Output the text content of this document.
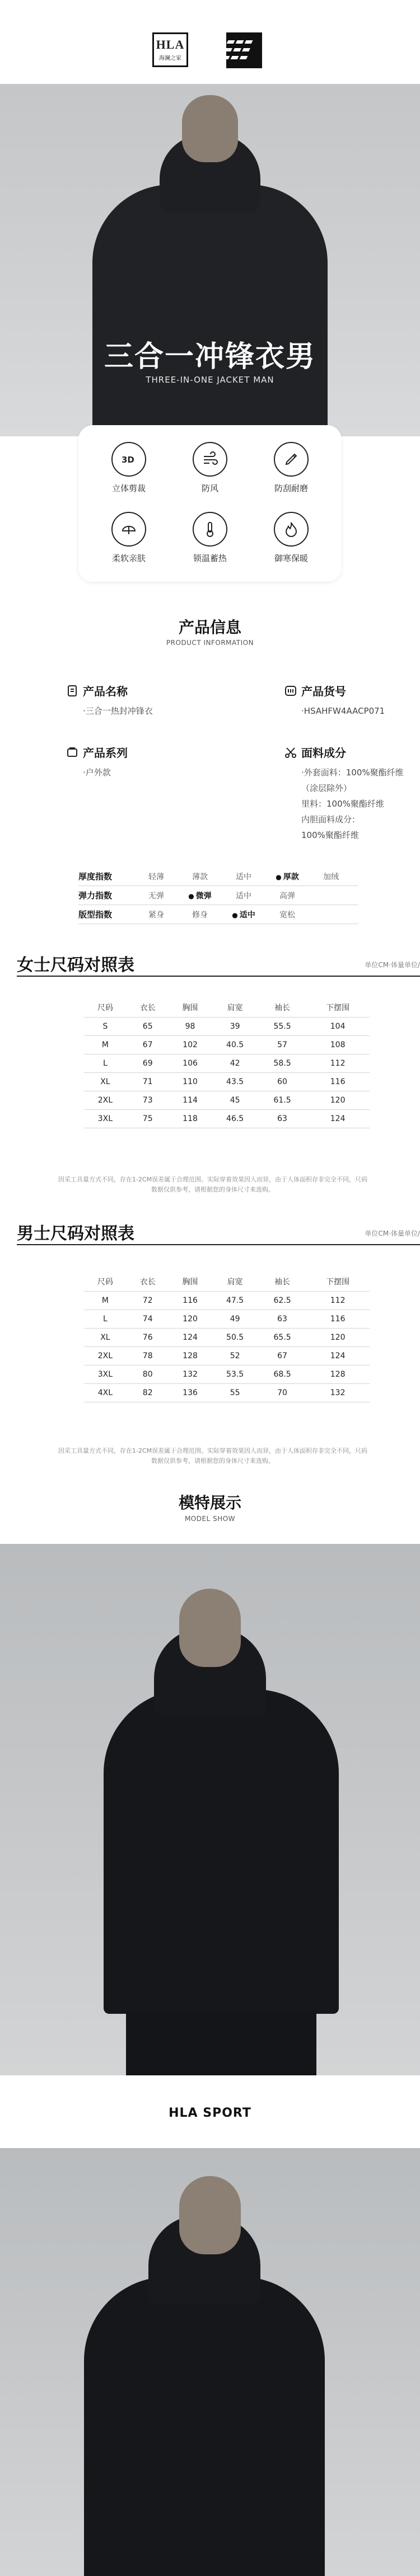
HLA
海澜之家
三合一冲锋衣男
THREE-IN-ONE JACKET MAN
3D
立体剪裁	防风	防刮耐磨
柔软亲肤	锁温蓄热	御寒保暖
产品信息
PRODUCT INFORMATION
产品名称
·三合一热封冲锋衣
产品货号
·HSAHFW4AACP071
产品系列
·户外款
面料成分
·外套面料：100%聚酯纤维
（涂层除外）
里料：100%聚酯纤维
内胆面料成分：
100%聚酯纤维
厚度指数	轻薄	薄款	适中	● 厚款	加绒
弹力指数	无弹	● 微弹	适中	高弹
版型指数	紧身	修身	● 适中	宽松
女士尺码对照表	单位CM·体量单位/
尺码	衣长	胸围	肩宽	袖长	下摆围
S	65	98	39	55.5	104
M	67	102	40.5	57	108
L	69	106	42	58.5	112
XL	71	110	43.5	60	116
2XL	73	114	45	61.5	120
3XL	75	118	46.5	63	124
因采工具量方式不同，存在1-2CM误差属于合理范围。实际穿着效果因人而异，由于人体面积存非完全不同，尺码数据仅供参考，请根据您的身体尺寸来选购。
男士尺码对照表	单位CM·体量单位/
尺码	衣长	胸围	肩宽	袖长	下摆围
M	72	116	47.5	62.5	112
L	74	120	49	63	116
XL	76	124	50.5	65.5	120
2XL	78	128	52	67	124
3XL	80	132	53.5	68.5	128
4XL	82	136	55	70	132
因采工具量方式不同，存在1-2CM误差属于合理范围。实际穿着效果因人而异，由于人体面积存非完全不同，尺码数据仅供参考，请根据您的身体尺寸来选购。
模特展示
MODEL SHOW
HLA SPORT
